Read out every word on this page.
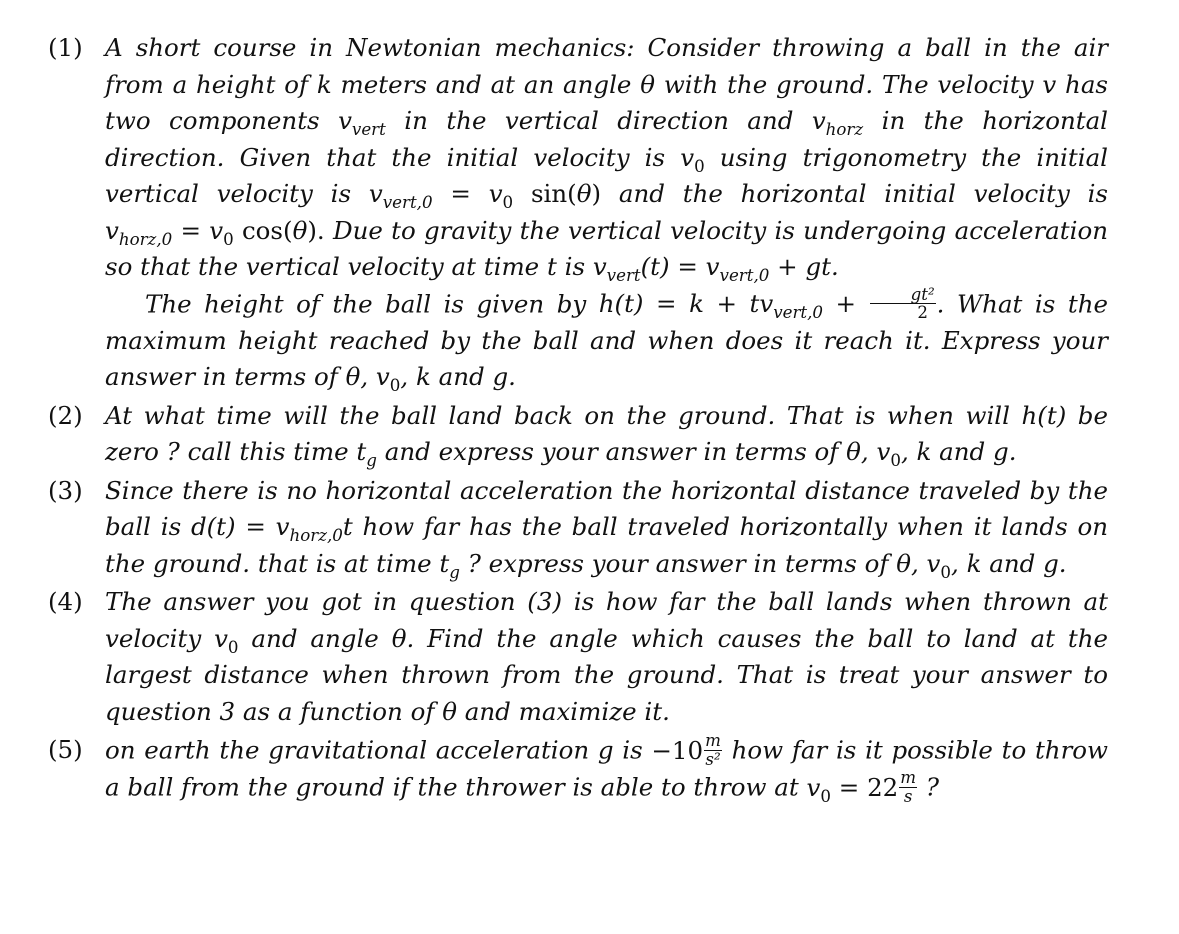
(1) A short course in Newtonian mechanics: Consider throwing a ball in the air from a height of k meters and at an angle θ with the ground. The velocity v has two components $v_{vert}$ in the vertical direction and $v_{horz}$ in the horizontal direction. Given that the initial velocity is $v_0$ using trigonometry the initial vertical velocity is $v_{vert,0} = v_0$ sin(θ) and the horizontal initial velocity is $v_{horz,0} = v_0$ cos(θ). Due to gravity the vertical velocity is undergoing acceleration so that the vertical velocity at time t is $v_{vert}(t) = v_{vert,0}$ + gt.

The height of the ball is given by $h(t) = k + tv_{vert,0} + \frac{\text{gt²}}{2}$ . What is the maximum height reached by the ball and when does it reach it. Express your answer in terms of θ, $v_0$, k and g.

(2) At what time will the ball land back on the ground. That is when will h(t) be zero ? call this time $t_g$ and express your answer in terms of θ, $v_0$, k and g.

(3) Since there is no horizontal acceleration the horizontal distance traveled by the ball is $d(t) = v_{horz,0}t$ how far has the ball traveled horizontally when it lands on the ground. that is at time $t_g$ ? express your answer in terms of θ, $v_0$, k and g.

(4) The answer you got in question (3) is how far the ball lands when thrown at velocity $v_0$ and angle θ. Find the angle which causes the ball to land at the largest distance when thrown from the ground. That is treat your answer to question 3 as a function of θ and maximize it.

(5) on earth the gravitational acceleration g is $-10 \frac{m}{\text{s²}}$ how far is it possible to throw a ball from the ground if the thrower is able to throw at $v_0 = 22 \frac{m}{s}$ ?
